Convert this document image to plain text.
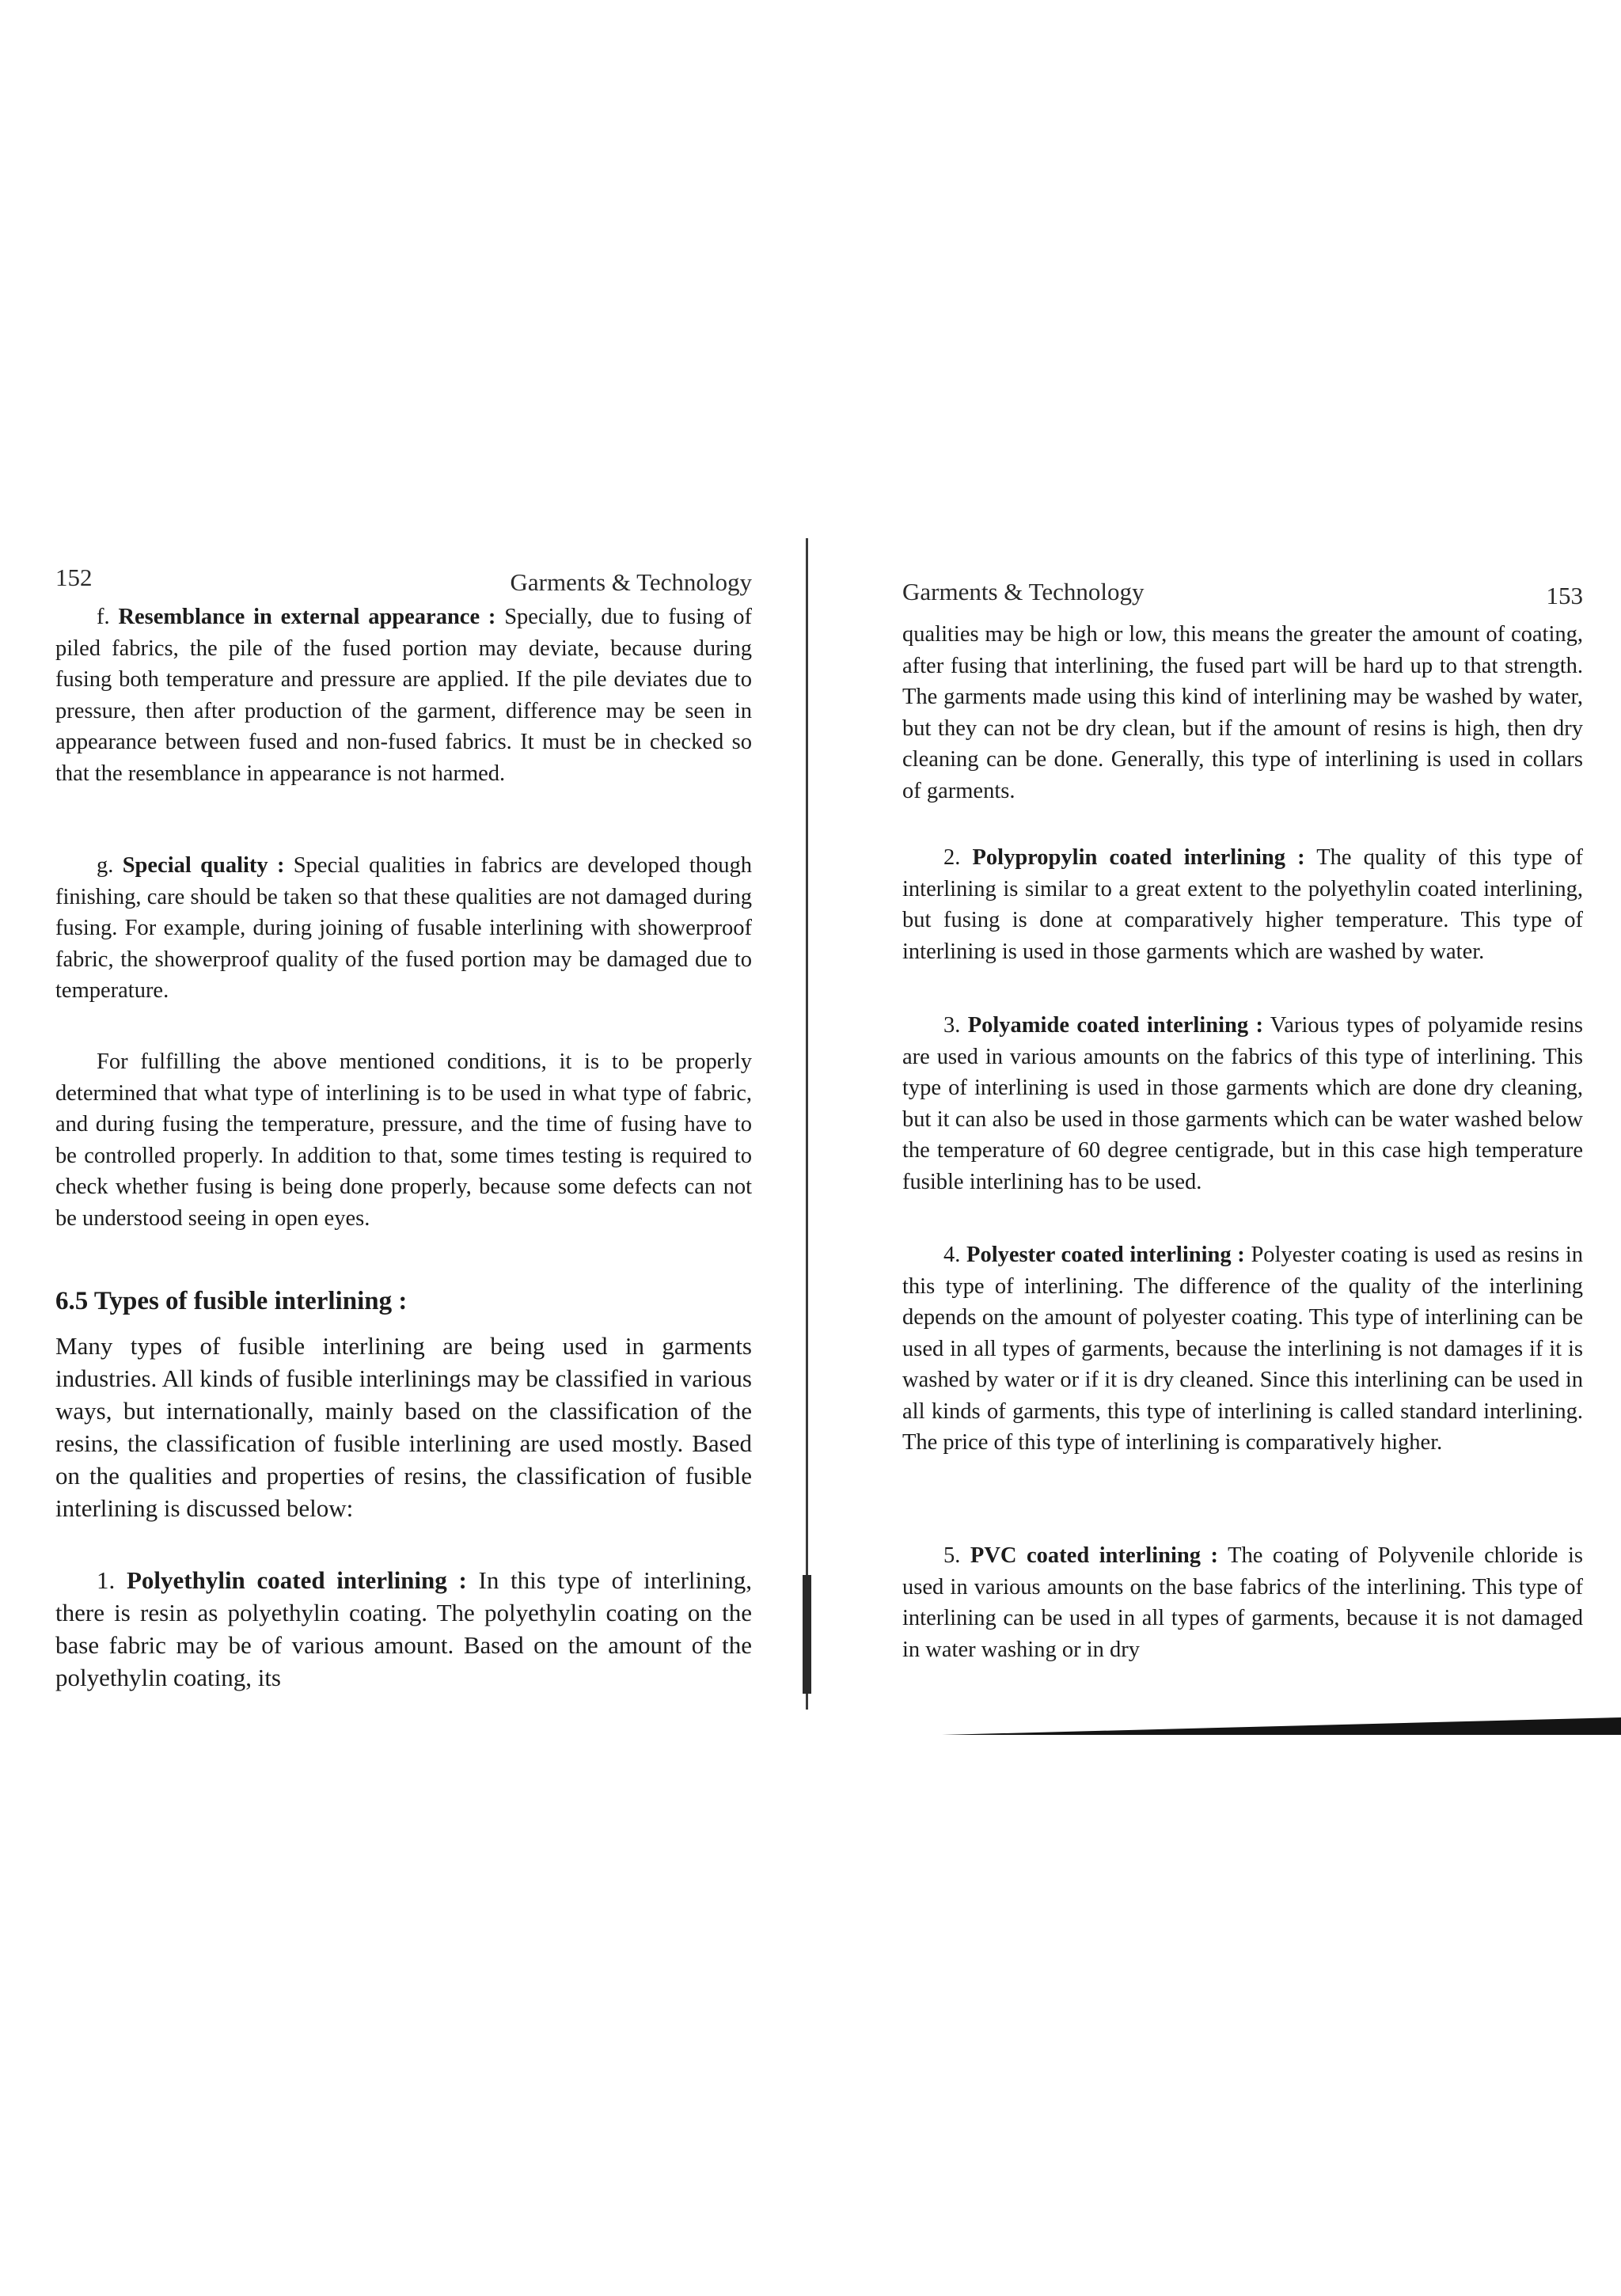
152	Garments & Technology

f. Resemblance in external appearance : Specially, due to fusing of piled fabrics, the pile of the fused portion may deviate, because during fusing both temperature and pressure are applied. If the pile deviates due to pressure, then after production of the garment, difference may be seen in appearance between fused and non-fused fabrics. It must be in checked so that the resemblance in appearance is not harmed.

g. Special quality : Special qualities in fabrics are developed though finishing, care should be taken so that these qualities are not damaged during fusing. For example, during joining of fusable interlining with showerproof fabric, the showerproof quality of the fused portion may be damaged due to temperature.

For fulfilling the above mentioned conditions, it is to be properly determined that what type of interlining is to be used in what type of fabric, and during fusing the temperature, pressure, and the time of fusing have to be controlled properly. In addition to that, some times testing is required to check whether fusing is being done properly, because some defects can not be understood seeing in open eyes.

6.5 Types of fusible interlining :

Many types of fusible interlining are being used in garments industries. All kinds of fusible interlinings may be classified in various ways, but internationally, mainly based on the classification of the resins, the classification of fusible interlining are used mostly. Based on the qualities and properties of resins, the classification of fusible interlining is discussed below:

1. Polyethylin coated interlining : In this type of interlining, there is resin as polyethylin coating. The polyethylin coating on the base fabric may be of various amount. Based on the amount of the polyethylin coating, its

Garments & Technology	153

qualities may be high or low, this means the greater the amount of coating, after fusing that interlining, the fused part will be hard up to that strength. The garments made using this kind of interlining may be washed by water, but they can not be dry clean, but if the amount of resins is high, then dry cleaning can be done. Generally, this type of interlining is used in collars of garments.

2. Polypropylin coated interlining : The quality of this type of interlining is similar to a great extent to the polyethylin coated interlining, but fusing is done at comparatively higher temperature. This type of interlining is used in those garments which are washed by water.

3. Polyamide coated interlining : Various types of polyamide resins are used in various amounts on the fabrics of this type of interlining. This type of interlining is used in those garments which are done dry cleaning, but it can also be used in those garments which can be water washed below the temperature of 60 degree centigrade, but in this case high temperature fusible interlining has to be used.

4. Polyester coated interlining : Polyester coating is used as resins in this type of interlining. The difference of the quality of the interlining depends on the amount of polyester coating. This type of interlining can be used in all types of garments, because the interlining is not damages if it is washed by water or if it is dry cleaned. Since this interlining can be used in all kinds of garments, this type of interlining is called standard interlining. The price of this type of interlining is comparatively higher.

5. PVC coated interlining : The coating of Polyvenile chloride is used in various amounts on the base fabrics of the interlining. This type of interlining can be used in all types of garments, because it is not damaged in water washing or in dry
